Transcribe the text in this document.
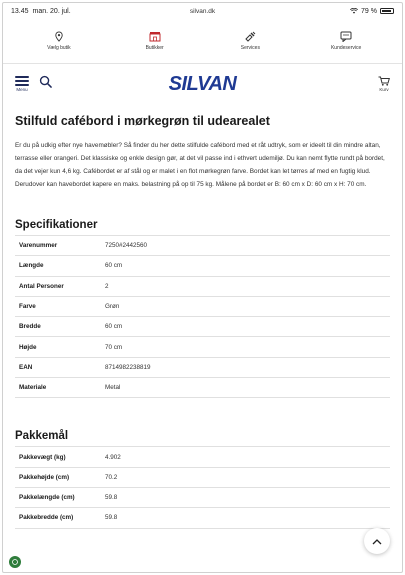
13.45 man. 20. jul.	silvan.dk	79 %
Vælg butik	Butikker	Services	Kundeservice
Menu	SILVAN	Kurv
Stilfuld cafébord i mørkegrøn til udearealet

Er du på udkig efter nye havemøbler? Så finder du her dette stilfulde cafébord med et råt udtryk, som er ideelt til din mindre altan, terrasse eller orangeri. Det klassiske og enkle design gør, at det vil passe ind i ethvert udemiljø. Du kan nemt flytte rundt på bordet, da det vejer kun 4,6 kg. Cafébordet er af stål og er malet i en flot mørkegrøn farve. Bordet kan let tørres af med en fugtig klud. Derudover kan havebordet kapere en maks. belastning på op til 75 kg. Målene på bordet er B: 60 cm x D: 60 cm x H: 70 cm.

Specifikationer
Varenummer	7250#2442560
Længde	60 cm
Antal Personer	2
Farve	Grøn
Bredde	60 cm
Højde	70 cm
EAN	8714982238819
Materiale	Metal
Pakkemål
Pakkevægt (kg)	4.902
Pakkehøjde (cm)	70.2
Pakkelængde (cm)	59.8
Pakkebredde (cm)	59.8
